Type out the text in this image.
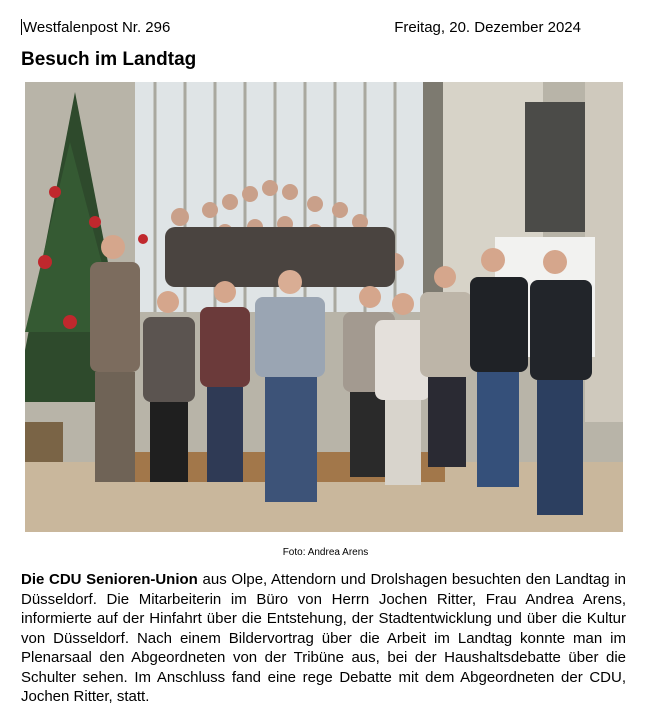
Westfalenpost Nr. 296	Freitag, 20. Dezember 2024
Besuch im Landtag
Foto: Andrea Arens
Die CDU Senioren-Union aus Olpe, Attendorn und Drolshagen besuchten den Landtag in Düsseldorf. Die Mitarbeiterin im Büro von Herrn Jochen Ritter, Frau Andrea Arens, informierte auf der Hinfahrt über die Entstehung, der Stadtentwicklung und über die Kultur von Düsseldorf. Nach einem Bildervortrag über die Arbeit im Landtag konnte man im Plenarsaal den Abgeordneten von der Tribüne aus, bei der Haushaltsdebatte über die Schulter sehen. Im Anschluss fand eine rege Debatte mit dem Abgeordneten der CDU, Jochen Ritter, statt.
